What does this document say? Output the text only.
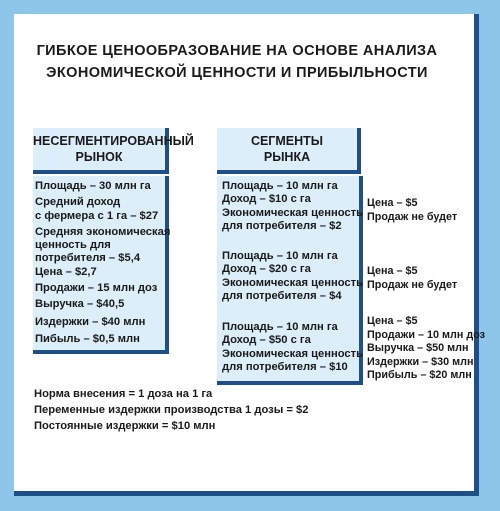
ГИБКОЕ ЦЕНООБРАЗОВАНИЕ НА ОСНОВЕ АНАЛИЗА
ЭКОНОМИЧЕСКОЙ ЦЕННОСТИ И ПРИБЫЛЬНОСТИ
НЕСЕГМЕНТИРОВАННЫЙ
РЫНОК
Площадь – 30 млн га
Средний доход
с фермера с 1 га – $27
Средняя экономическая
ценность для
потребителя – $5,4
Цена – $2,7
Продажи – 15 млн доз
Выручка – $40,5
Издержки – $40 млн
Пибыль – $0,5 млн
СЕГМЕНТЫ
РЫНКА
Площадь – 10 млн га
Доход – $10 с га
Экономическая ценность
для потребителя – $2
Площадь – 10 млн га
Доход – $20 с га
Экономическая ценность
для потребителя – $4
Площадь – 10 млн га
Доход – $50 с га
Экономическая ценность
для потребителя – $10
Цена – $5
Продаж не будет
Цена – $5
Продаж не будет
Цена – $5
Продажи – 10 млн доз
Выручка – $50 млн
Издержки – $30 млн
Прибыль – $20 млн
Норма внесения = 1 доза на 1 га
Переменные издержки производства 1 дозы = $2
Постоянные издержки = $10 млн
